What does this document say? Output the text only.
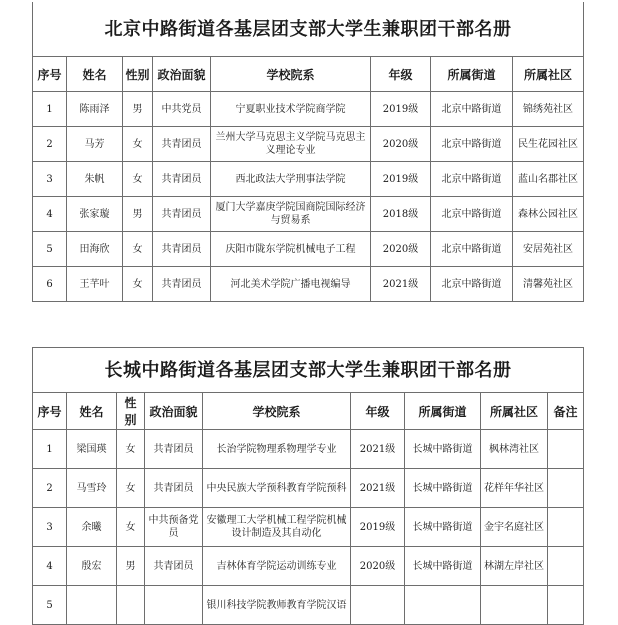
北京中路街道各基层团支部大学生兼职团干部名册							
序号	姓名	性别	政治面貌	学校院系	年级	所属街道	所属社区
1	陈雨泽	男	中共党员	宁夏职业技术学院商学院	2019级	北京中路街道	锦绣苑社区
2	马芳	女	共青团员	兰州大学马克思主义学院马克思主义理论专业	2020级	北京中路街道	民生花园社区
3	朱帆	女	共青团员	西北政法大学刑事法学院	2019级	北京中路街道	蓝山名郡社区
4	张家璇	男	共青团员	厦门大学嘉庚学院国商院国际经济与贸易系	2018级	北京中路街道	森林公园社区
5	田海欣	女	共青团员	庆阳市陇东学院机械电子工程	2020级	北京中路街道	安居苑社区
6	王芊叶	女	共青团员	河北美术学院广播电视编导	2021级	北京中路街道	清馨苑社区
长城中路街道各基层团支部大学生兼职团干部名册								
序号	姓名	性别	政治面貌	学校院系	年级	所属街道	所属社区	备注
1	梁国瑛	女	共青团员	长治学院物理系物理学专业	2021级	长城中路街道	枫林湾社区	
2	马雪玲	女	共青团员	中央民族大学预科教育学院预科	2021级	长城中路街道	花样年华社区	
3	余曦	女	中共预备党员	安徽理工大学机械工程学院机械设计制造及其自动化	2019级	长城中路街道	金宇名庭社区	
4	殷宏	男	共青团员	吉林体育学院运动训练专业	2020级	长城中路街道	林湖左岸社区	
5				银川科技学院教师教育学院汉语				
